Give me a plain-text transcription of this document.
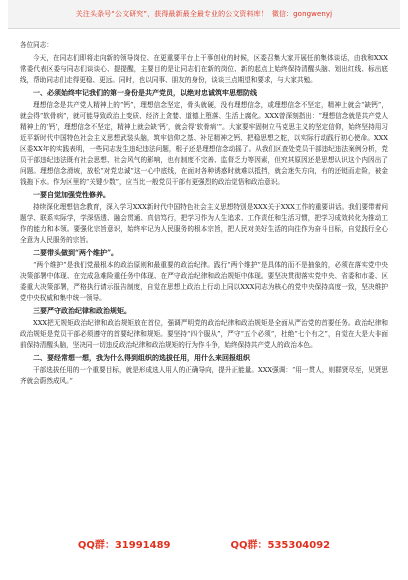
关注头条号“公文研究”，获得最新最全最专业的公文资料库！ 微信：gongwenyj

各位同志：

今天，在同志们即将走向新的领导岗位、在更重要平台上干事创业的时候，区委召集大家开展任前集体谈话，由我和XXX常委代表区委与同志们谈谈心、提提醒，主要目的是让同志们在新的岗位、新的起点上始终保持清醒头脑、划出红线、标出底线，帮助同志们走得更稳、更远。同时，也以同事、朋友的身份，谈谈三点期望和要求，与大家共勉。

一、必须始终牢记我们的第一身份是共产党员，以绝对忠诚筑牢思想防线

理想信念是共产党人精神上的“钙”，理想信念坚定，骨头就硬，没有理想信念，或理想信念不坚定，精神上就会“缺钙”，就会得“软骨病”，就可能导致政治上变质、经济上贪婪、道德上堕落、生活上腐化。XXX曾深刻指出：“理想信念就是共产党人精神上的‘钙’，理想信念不坚定，精神上就会缺‘钙’，就会得‘软骨病’”。大家要牢固树立马克思主义的坚定信仰，始终坚持用习近平新时代中国特色社会主义思想武装头脑，筑牢信仰之基、补足精神之钙、把稳思想之舵，以实际行动践行初心使命。XXX区委XX年的实践表明，一些同志发生违纪违法问题，根子还是理想信念动摇了。从我们区查处党员干部违纪违法案例分析，党员干部违纪违法既有社会思想、社会风气的影响，也有制度不完善、监督乏力等因素，但究其原因还是思想认识这个内因出了问题。理想信念滑坡，放松“对党忠诚”这一心中底线，在面对各种诱惑时就难以抵挡，就会迷失方向，有的还铤而走险，被金钱拖下水。作为区里的“关键少数”，应当比一般党员干部有更强烈的政治觉悟和政治意识。

一要自觉加强党性修养。

持续深化理想信念教育，深入学习XXX新时代中国特色社会主义思想特别是XXX关于XXX工作的重要讲话。我们要带着问题学、联系实际学，学深悟透、融会贯通、真信笃行，把学习作为人生追求、工作责任和生活习惯，把学习成效转化为推动工作的能力和本领。要强化宗旨意识，始终牢记为人民服务的根本宗旨，把人民对美好生活的向往作为奋斗目标，自觉践行全心全意为人民服务的宗旨。

二要带头做到“两个维护”。

“两个维护”是我们党最根本的政治原则和最重要的政治纪律。践行“两个维护”是具体的而不是抽象的，必须在落实党中央决策部署中体现、在完成急难险重任务中体现、在严守政治纪律和政治规矩中体现。要坚决贯彻落实党中央、省委和市委、区委重大决策部署，严格执行请示报告制度，自觉在思想上政治上行动上同以XXX同志为核心的党中央保持高度一致，坚决维护党中央权威和集中统一领导。

三要严守政治纪律和政治规矩。

XXX把无规矩政治纪律和政治规矩放在首位，强调严明党的政治纪律和政治规矩是全面从严治党的首要任务。政治纪律和政治规矩是党员干部必须遵守的首要纪律和规矩。要坚持“四个服从”，严守“五个必须”，杜绝“七个有之”，自觉在大是大非面前保持清醒头脑，坚决同一切违反政治纪律和政治规矩的行为作斗争，始终保持共产党人的政治本色。

二、要经常想一想，我为什么得到组织的选拔任用，用什么来回报组织

干部选拔任用的一个重要目标，就是形成选人用人的正确导向，提升正能量。XXX强调：“用一贯人，则群贤尽至，见贤思齐就会蔚然成风。”

QQ群：31991489	QQ群：535304092
